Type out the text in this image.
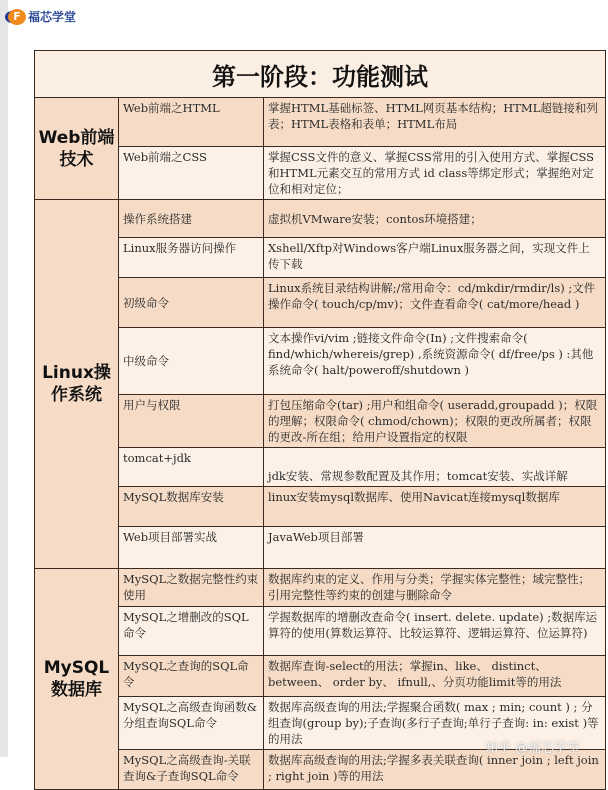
F 福芯学堂
第一阶段：功能测试		
Web前端技术	Web前端之HTML	掌握HTML基础标签、HTML网页基本结构；HTML超链接和列表；HTML表格和表单；HTML布局
	Web前端之CSS	掌握CSS文件的意义、掌握CSS常用的引入使用方式、掌握CSS和HTML元素交互的常用方式 id class等绑定形式；掌握绝对定位和相对定位；
Linux操作系统	操作系统搭建	虚拟机VMware安装；contos环境搭建；
	Linux服务器访问操作	Xshell/Xftp对Windows客户端Linux服务器之间，实现文件上传下载
	初级命令	Linux系统目录结构讲解;/常用命令：cd/mkdir/rmdir/ls) ;文件操作命令( touch/cp/mv)；文件查看命令( cat/more/head )
	中级命令	文本操作vi/vim ;链接文件命令(In) ;文件搜索命令( find/which/whereis/grep) ,系统资源命令( df/free/ps ) :其他系统命令( halt/poweroff/shutdown )
	用户与权限	打包压缩命令(tar) ;用户和组命令( useradd,groupadd )；权限的理解；权限命令( chmod/chown)；权限的更改所属者；权限的更改-所在组；给用户设置指定的权限
	tomcat+jdk	jdk安装、常规参数配置及其作用；tomcat安装、实战详解
	MySQL数据库安装	linux安装mysql数据库、使用Navicat连接mysql数据库
	Web项目部署实战	JavaWeb项目部署
MySQL数据库	MySQL之数据完整性约束使用	数据库约束的定义、作用与分类；学握实体完整性；域完整性；引用完整性等约束的创建与删除命令
	MySQL之增删改的SQL命令	学握数据库的增删改查命令( insert. delete. update) ;数据库运算符的使用(算数运算符、比较运算符、逻辑运算符、位运算符)
	MySQL之查询的SQL命令	数据库查询-select的用法；掌握in、like、 distinct、 between、 order by、 ifnull,、分页功能limit等的用法
	MySQL之高级查询函数&分组查询SQL命令	数据库高级查询的用法;学握聚合函数( max ; min; count ) ; 分组查询(group by);子查询(多行子查询;单行子查询: in: exist )等的用法
	MySQL之高级查询-关联查询&子查询SQL命令	数据库高级查询的用法;学握多表关联查询( inner join ; left join ; right join )等的用法
知乎 @福芯学堂
